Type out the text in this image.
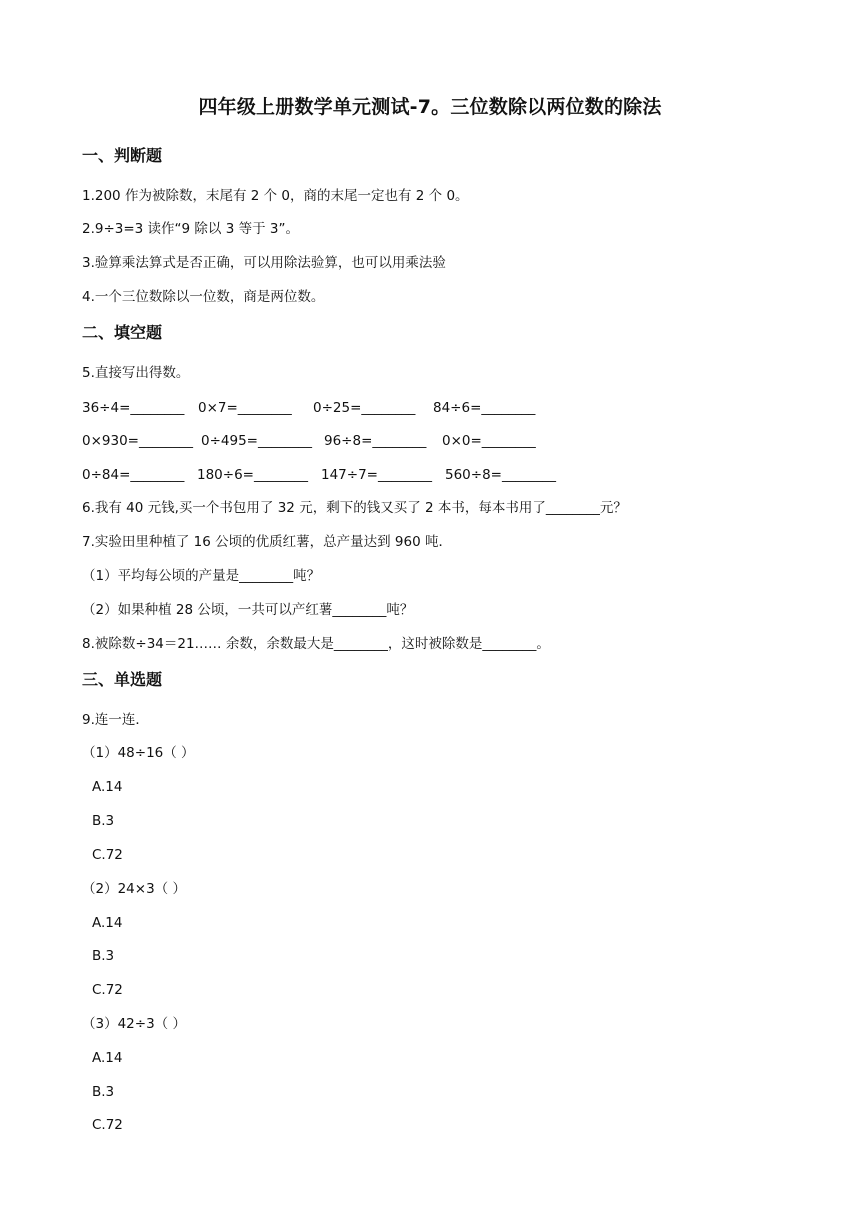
四年级上册数学单元测试-7。三位数除以两位数的除法
一、判断题
1.200 作为被除数，末尾有 2 个 0，商的末尾一定也有 2 个 0。
2.9÷3=3 读作“9 除以 3 等于 3”。
3.验算乘法算式是否正确，可以用除法验算，也可以用乘法验
4.一个三位数除以一位数，商是两位数。
二、填空题
5.直接写出得数。
36÷4=________	0×7=________	0÷25=________	84÷6=________
0×930=________ 0÷495=________ 96÷8=________	0×0=________
0÷84=________ 180÷6=________ 147÷7=________ 560÷8=________
6.我有 40 元钱,买一个书包用了 32 元，剩下的钱又买了 2 本书，每本书用了________元？
7.实验田里种植了 16 公顷的优质红薯，总产量达到 960 吨．
（1）平均每公顷的产量是________吨？
（2）如果种植 28 公顷，一共可以产红薯________吨？
8.被除数÷34＝21…… 余数，余数最大是________，这时被除数是________。
三、单选题
9.连一连．
（1）48÷16（ ）
A.14
B.3
C.72
（2）24×3（ ）
A.14
B.3
C.72
（3）42÷3（ ）
A.14
B.3
C.72
